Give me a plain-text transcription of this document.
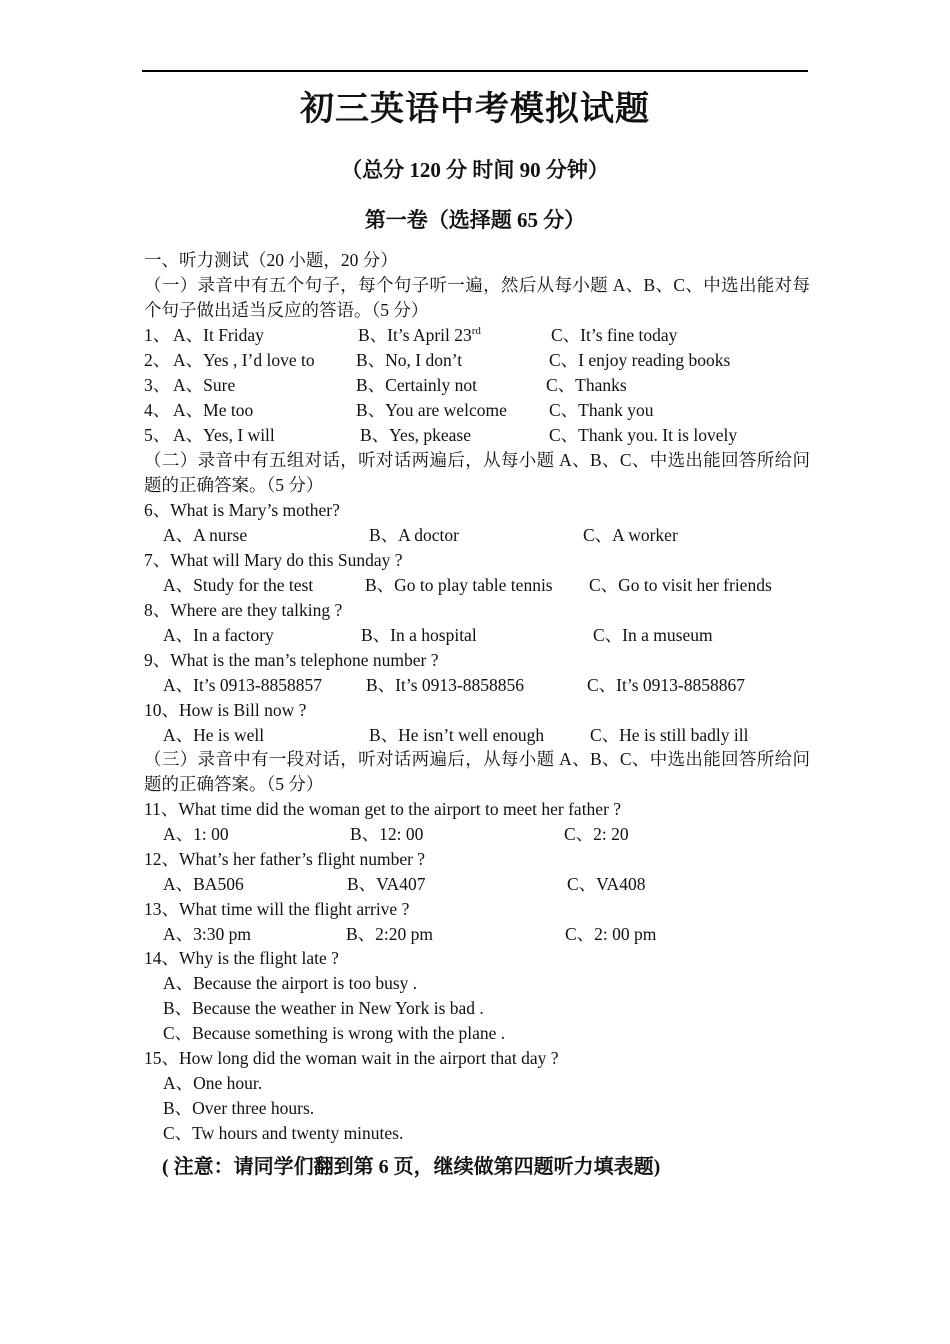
初三英语中考模拟试题
（总分 120 分 时间 90 分钟）
第一卷（选择题 65 分）
一、听力测试（20 小题，20 分）
（一）录音中有五个句子，每个句子听一遍，然后从每小题 A、B、C、中选出能对每个句子做出适当反应的答语。（5 分）
1、 A、It Friday	B、It’s April 23rd	C、It’s fine today
2、 A、Yes , I’d love to B、No, I don’t	C、I enjoy reading books
3、 A、Sure	B、Certainly not	C、Thanks
4、 A、Me too	B、You are welcome C、Thank you
5、 A、Yes, I will	B、Yes, pkease	C、Thank you. It is lovely
（二）录音中有五组对话，听对话两遍后，从每小题 A、B、C、中选出能回答所给问题的正确答案。（5 分）
6、What is Mary’s mother?
A、A nurse	B、A doctor	C、A worker
7、What will Mary do this Sunday ?
A、Study for the test	B、Go to play table tennis C、Go to visit her friends
8、Where are they talking ?
A、In a factory	B、In a hospital	C、In a museum
9、What is the man’s telephone number ?
A、It’s 0913-8858857	B、It’s 0913-8858856	C、It’s 0913-8858867
10、How is Bill now ?
A、He is well	B、He isn’t well enough	C、He is still badly ill
（三）录音中有一段对话，听对话两遍后，从每小题 A、B、C、中选出能回答所给问题的正确答案。（5 分）
11、What time did the woman get to the airport to meet her father ?
A、1: 00	B、12: 00	C、2: 20
12、What’s her father’s flight number ?
A、BA506	B、VA407	C、VA408
13、What time will the flight arrive ?
A、3:30 pm	B、2:20 pm	C、2: 00 pm
14、Why is the flight late ?
A、Because the airport is too busy .
B、Because the weather in New York is bad .
C、Because something is wrong with the plane .
15、How long did the woman wait in the airport that day ?
A、One hour.
B、Over three hours.
C、Tw hours and twenty minutes.
( 注意：请同学们翻到第 6 页，继续做第四题听力填表题)
